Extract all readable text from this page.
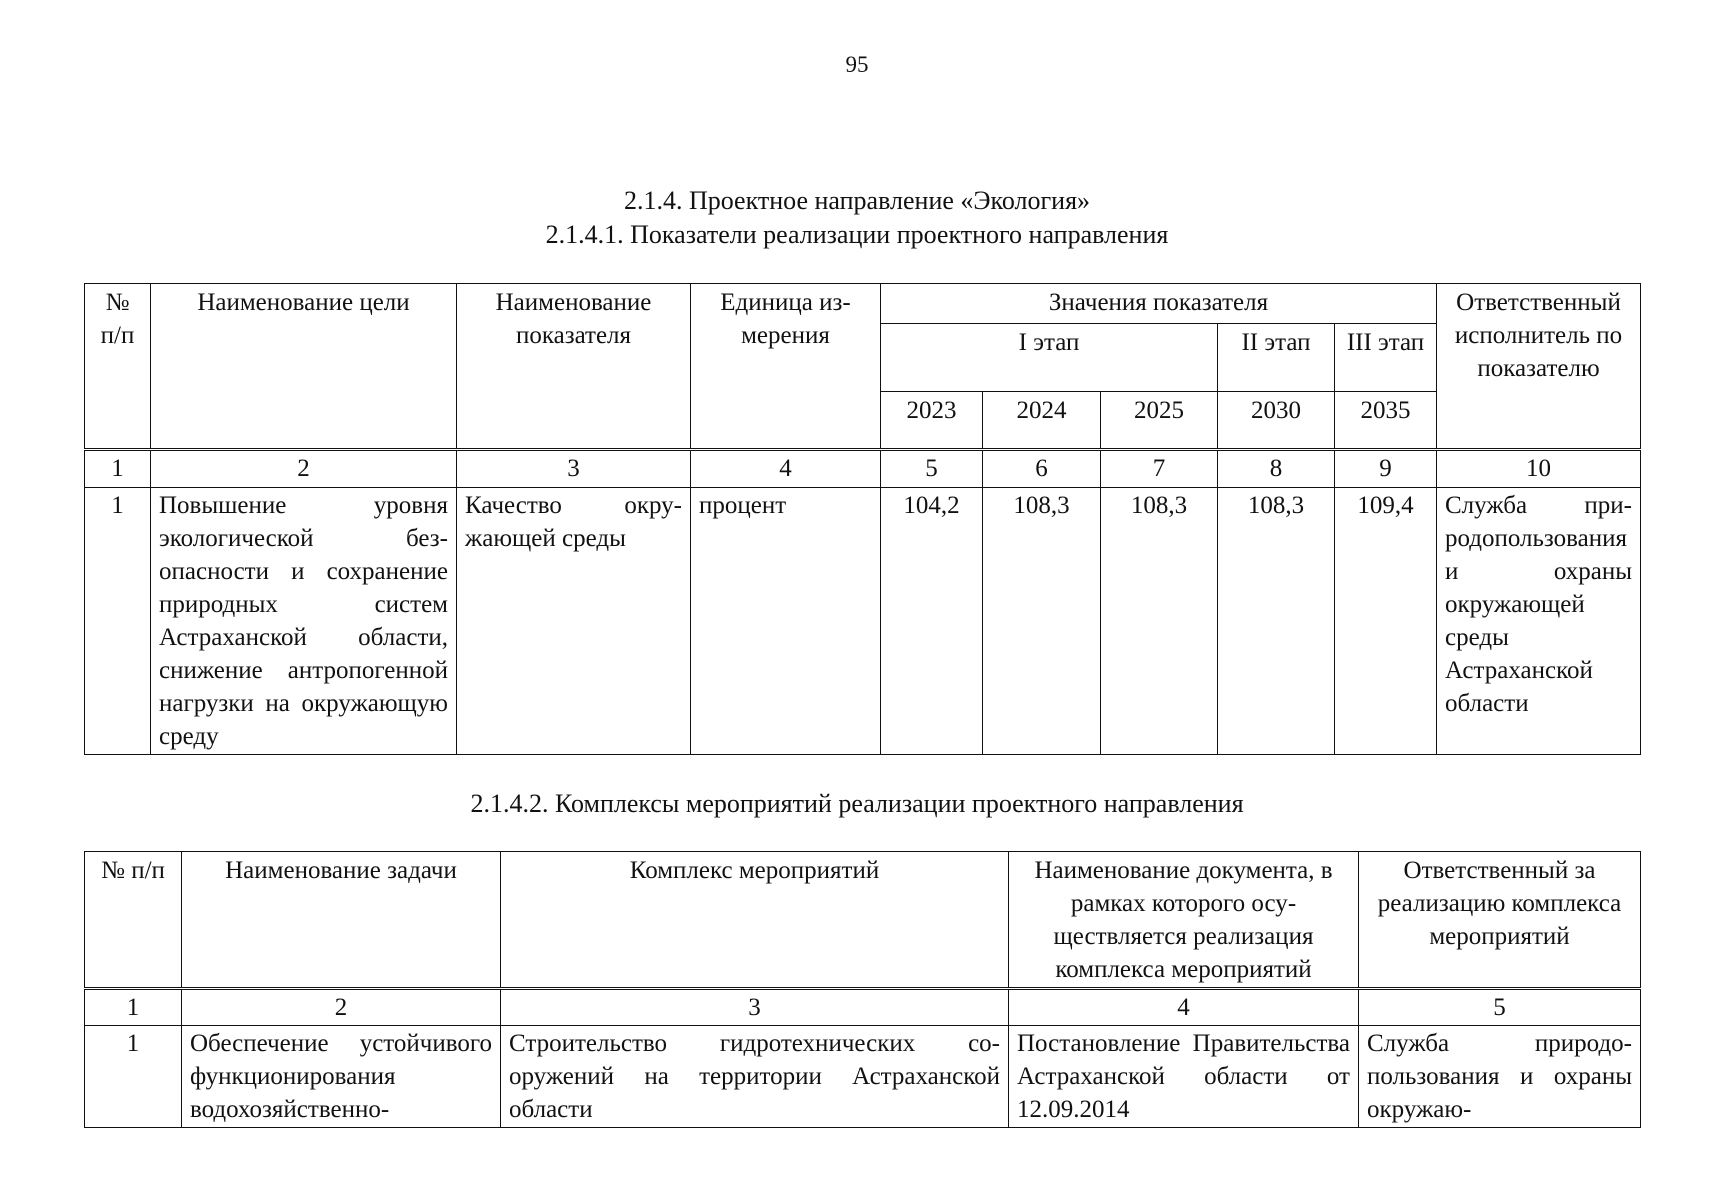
95
2.1.4. Проектное направление «Экология»
2.1.4.1. Показатели реализации проектного направления
№ п/п	Наименование цели	Наименование показателя	Единица измерения	Значения показателя					Ответственный исполнитель по показателю
				I этап			II этап	III этап	
				2023	2024	2025	2030	2035	
1	2	3	4	5	6	7	8	9	10
1	Повышение уровня экологической безопасности и сохранение природных систем Астраханской области, снижение антропогенной нагрузки на окружающую среду	Качество окружающей среды	процент	104,2	108,3	108,3	108,3	109,4	Служба природопользования и охраны окружающей среды Астраханской области
2.1.4.2. Комплексы мероприятий реализации проектного направления
№ п/п	Наименование задачи	Комплекс мероприятий	Наименование документа, в рамках которого осуществляется реализация комплекса мероприятий	Ответственный за реализацию комплекса мероприятий
1	2	3	4	5
1	Обеспечение устойчивого функционирования водохозяйственно-	Строительство гидротехнических сооружений на территории Астраханской области	Постановление Правительства Астраханской области от 12.09.2014	Служба природопользования и охраны окружаю-
